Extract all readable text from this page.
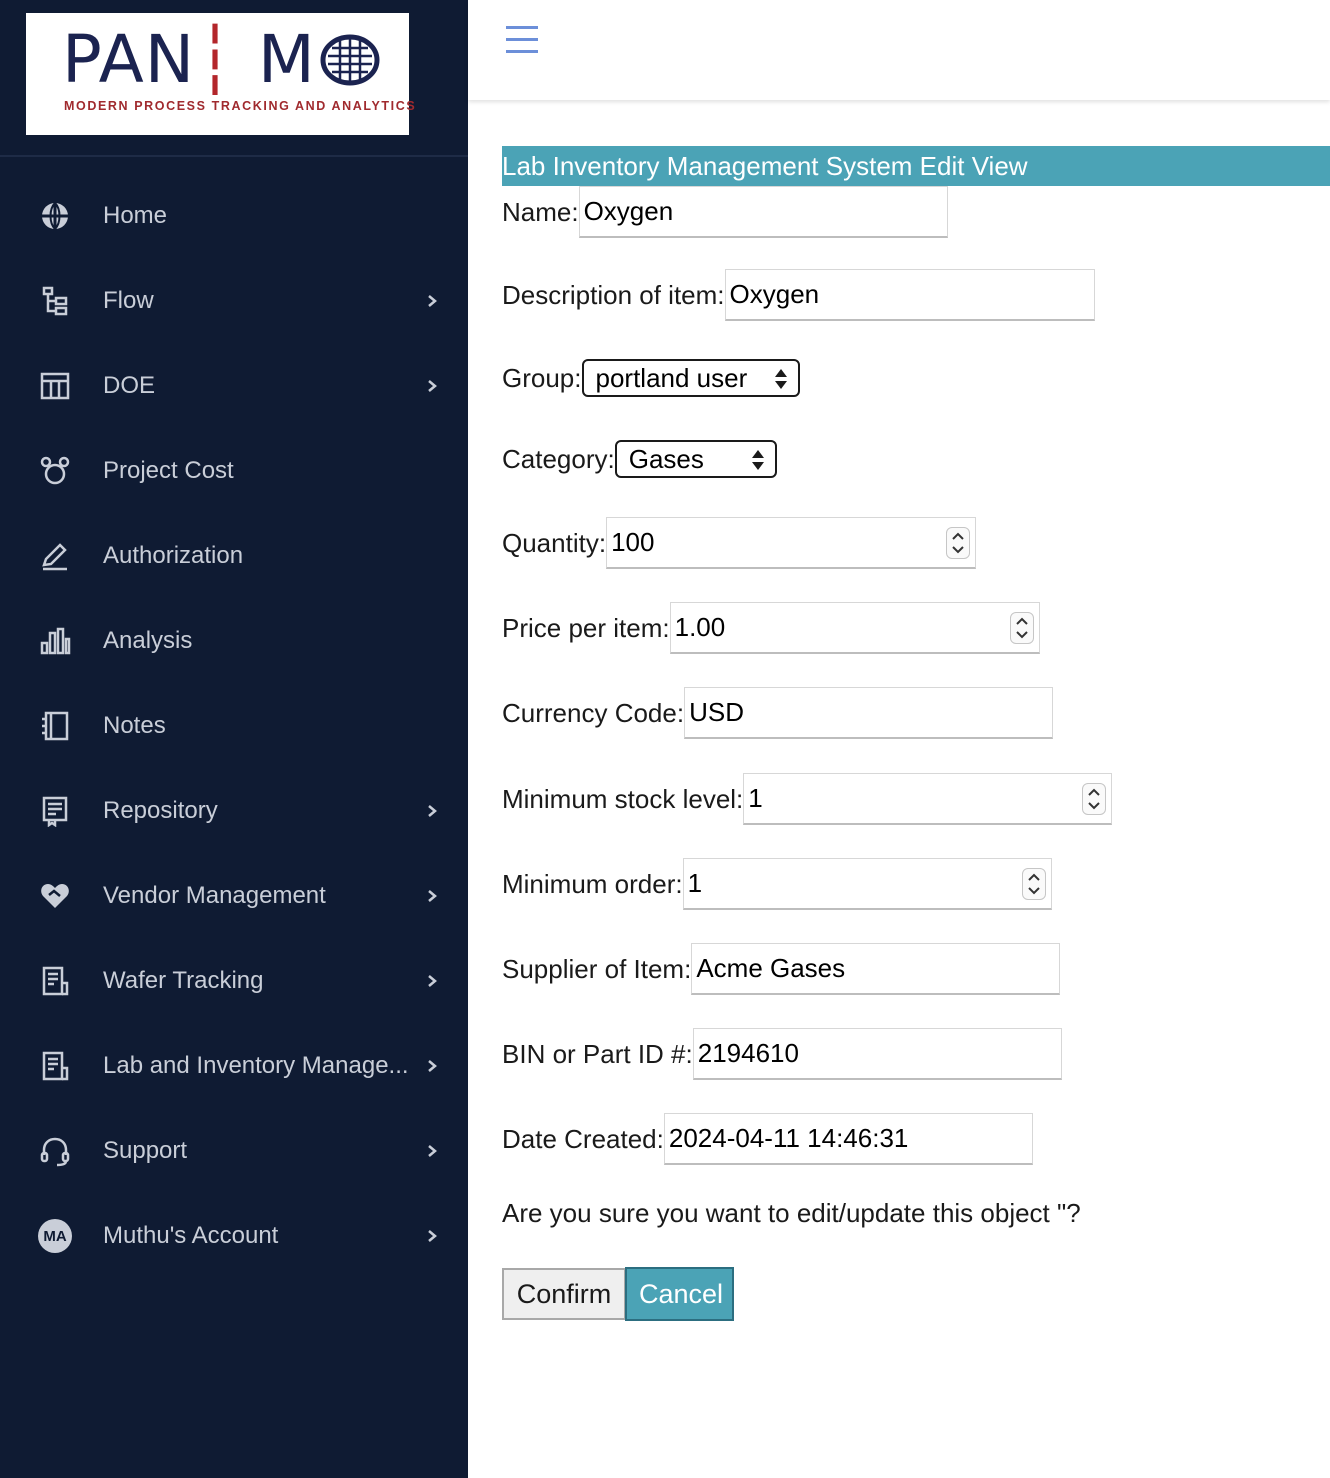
PAN┆ M
MODERN PROCESS TRACKING AND ANALYTICS
Home
Flow
DOE
Project Cost
Authorization
Analysis
Notes
Repository
Vendor Management
Wafer Tracking
Lab and Inventory Manage...
Support
MA Muthu's Account
Lab Inventory Management System Edit View
Name:
Oxygen
Description of item:
Oxygen
Group: portland user
Category: Gases
Quantity:
100
Price per item:
1.00
Currency Code:
USD
Minimum stock level:
1
Minimum order:
1
Supplier of Item:
Acme Gases
BIN or Part ID #:
2194610
Date Created:
2024-04-11 14:46:31
Are you sure you want to edit/update this object "?
Confirm	Cancel
